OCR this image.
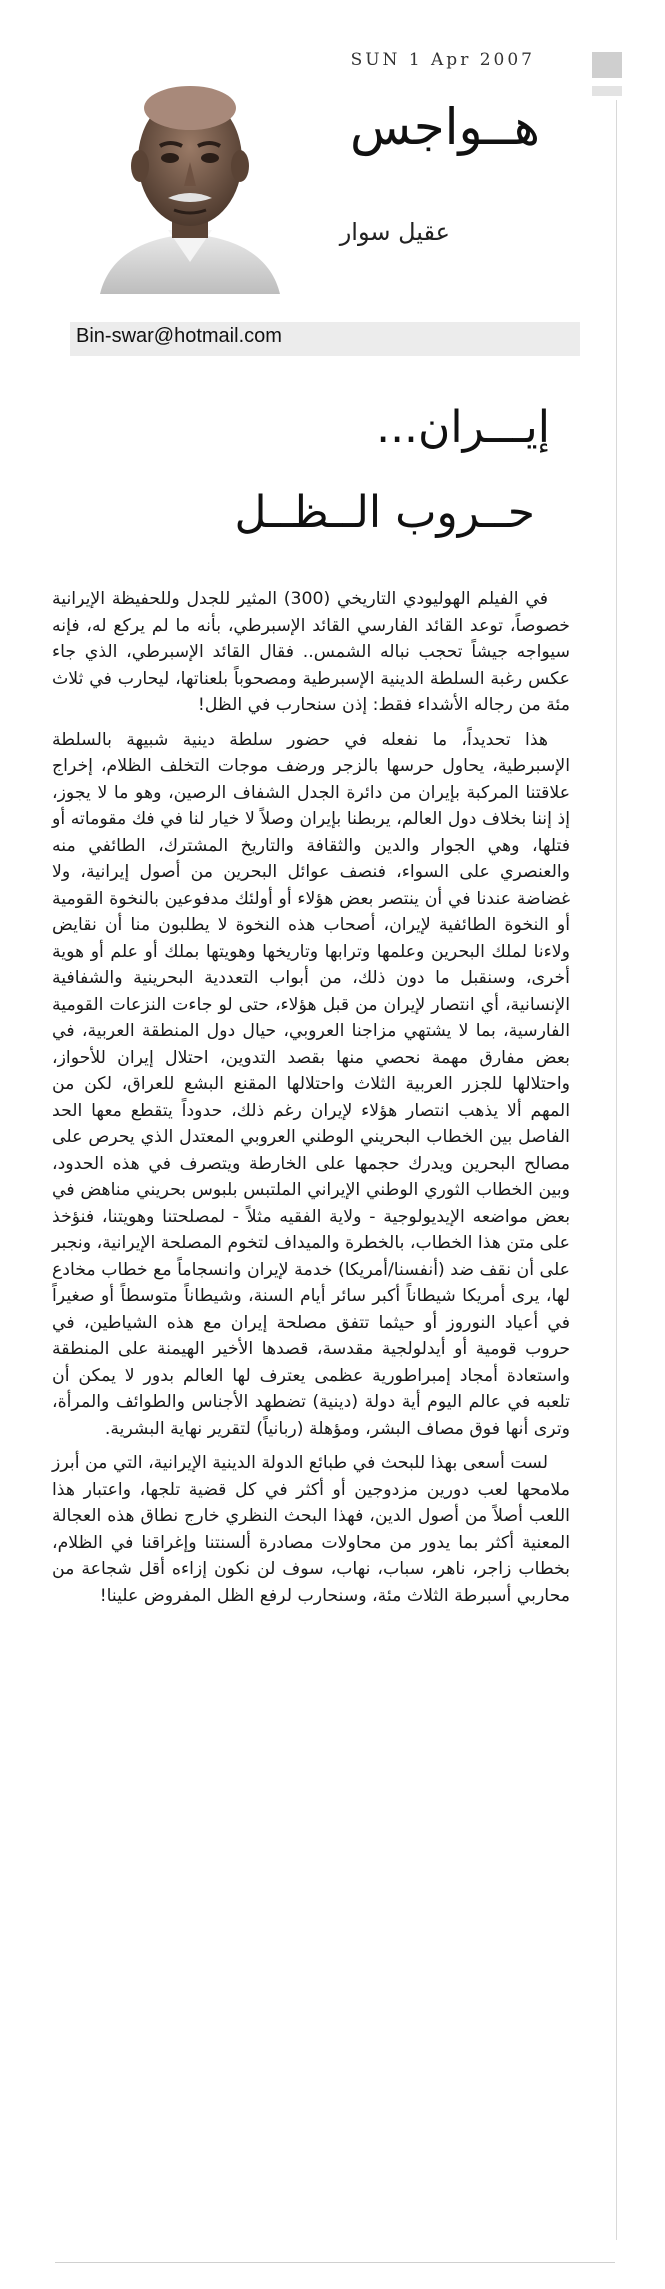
SUN 1 Apr 2007
هــواجس
عقيل سوار
Bin-swar@hotmail.com
إيـــران...
حــروب الــظــل

في الفيلم الهوليودي التاريخي (300) المثير للجدل وللحفيظة الإيرانية خصوصاً، توعد القائد الفارسي القائد الإسبرطي، بأنه ما لم يركع له، فإنه سيواجه جيشاً تحجب نباله الشمس.. فقال القائد الإسبرطي، الذي جاء عكس رغبة السلطة الدينية الإسبرطية ومصحوباً بلعناتها، ليحارب في ثلاث مئة من رجاله الأشداء فقط: إذن سنحارب في الظل!

هذا تحديداً، ما نفعله في حضور سلطة دينية شبيهة بالسلطة الإسبرطية، يحاول حرسها بالزجر ورضف موجات التخلف الظلام، إخراج علاقتنا المركبة بإيران من دائرة الجدل الشفاف الرصين، وهو ما لا يجوز، إذ إننا بخلاف دول العالم، يربطنا بإيران وصلاً لا خيار لنا في فك مقوماته أو فتلها، وهي الجوار والدين والثقافة والتاريخ المشترك، الطائفي منه والعنصري على السواء، فنصف عوائل البحرين من أصول إيرانية، ولا غضاضة عندنا في أن ينتصر بعض هؤلاء أو أولئك مدفوعين بالنخوة القومية أو النخوة الطائفية لإيران، أصحاب هذه النخوة لا يطلبون منا أن نقايض ولاءنا لملك البحرين وعلمها وترابها وتاريخها وهويتها بملك أو علم أو هوية أخرى، وسنقبل ما دون ذلك، من أبواب التعددية البحرينية والشفافية الإنسانية، أي انتصار لإيران من قبل هؤلاء، حتى لو جاءت النزعات القومية الفارسية، بما لا يشتهي مزاجنا العروبي، حيال دول المنطقة العربية، في بعض مفارق مهمة نحصي منها بقصد التدوين، احتلال إيران للأحواز، واحتلالها للجزر العربية الثلاث واحتلالها المقنع البشع للعراق، لكن من المهم ألا يذهب انتصار هؤلاء لإيران رغم ذلك، حدوداً يتقطع معها الحد الفاصل بين الخطاب البحريني الوطني العروبي المعتدل الذي يحرص على مصالح البحرين ويدرك حجمها على الخارطة ويتصرف في هذه الحدود، وبين الخطاب الثوري الوطني الإيراني الملتبس بلبوس بحريني مناهض في بعض مواضعه الإيديولوجية - ولاية الفقيه مثلاً - لمصلحتنا وهويتنا، فنؤخذ على متن هذا الخطاب، بالخطرة والميداف لتخوم المصلحة الإيرانية، ونجبر على أن نقف ضد (أنفسنا/أمريكا) خدمة لإيران وانسجاماً مع خطاب مخادع لها، يرى أمريكا شيطاناً أكبر سائر أيام السنة، وشيطاناً متوسطاً أو صغيراً في أعياد النوروز أو حيثما تتفق مصلحة إيران مع هذه الشياطين، في حروب قومية أو أيدلولجية مقدسة، قصدها الأخير الهيمنة على المنطقة واستعادة أمجاد إمبراطورية عظمى يعترف لها العالم بدور لا يمكن أن تلعبه في عالم اليوم أية دولة (دينية) تضطهد الأجناس والطوائف والمرأة، وترى أنها فوق مصاف البشر، ومؤهلة (ربانياً) لتقرير نهاية البشرية.

لست أسعى بهذا للبحث في طبائع الدولة الدينية الإيرانية، التي من أبرز ملامحها لعب دورين مزدوجين أو أكثر في كل قضية تلجها، واعتبار هذا اللعب أصلاً من أصول الدين، فهذا البحث النظري خارج نطاق هذه العجالة المعنية أكثر بما يدور من محاولات مصادرة ألسنتنا وإغراقنا في الظلام، بخطاب زاجر، ناهر، سباب، نهاب، سوف لن نكون إزاءه أقل شجاعة من محاربي أسبرطة الثلاث مئة، وسنحارب لرفع الظل المفروض علينا!
